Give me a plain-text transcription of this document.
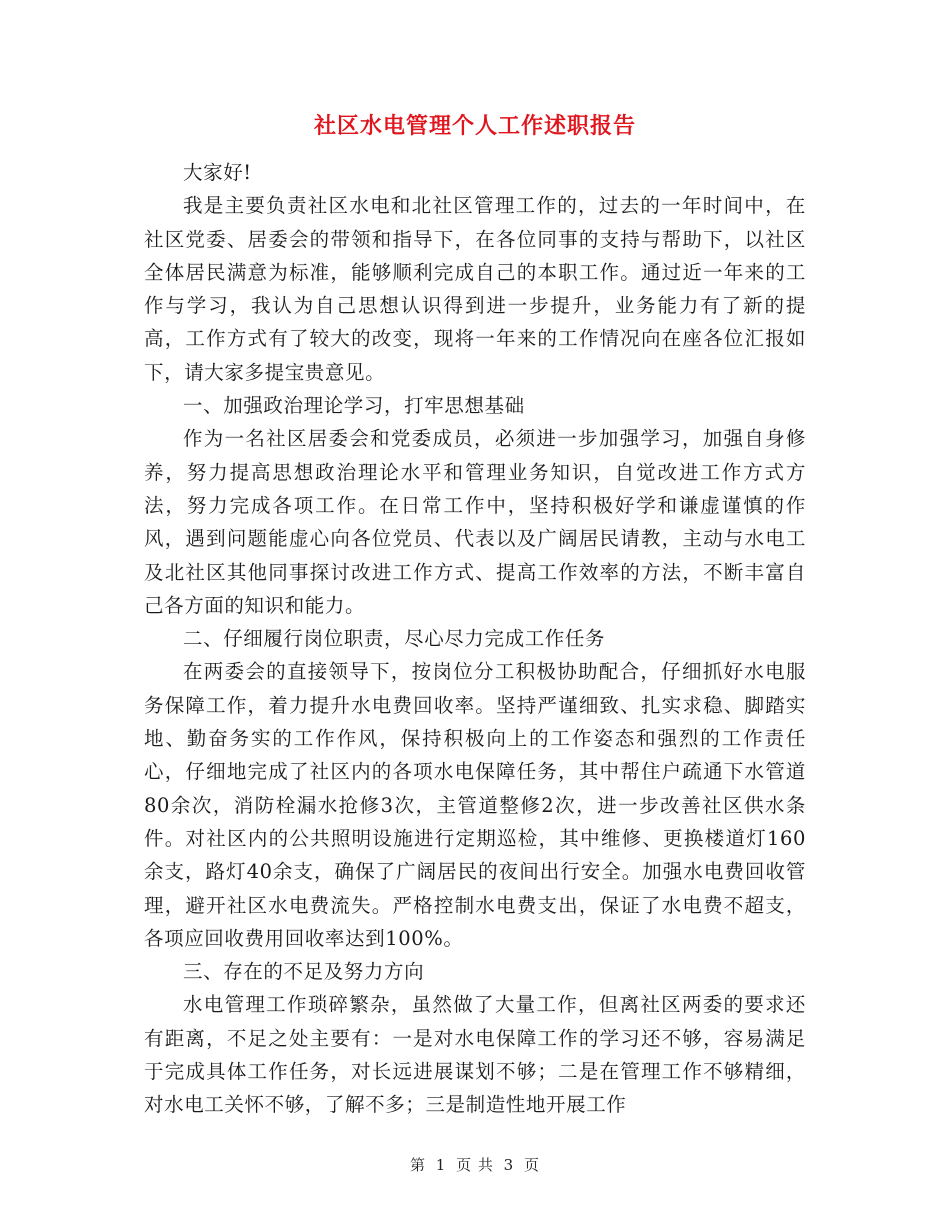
社区水电管理个人工作述职报告

大家好!

我是主要负责社区水电和北社区管理工作的，过去的一年时间中，在社区党委、居委会的带领和指导下，在各位同事的支持与帮助下，以社区全体居民满意为标准，能够顺利完成自己的本职工作。通过近一年来的工作与学习，我认为自己思想认识得到进一步提升，业务能力有了新的提高，工作方式有了较大的改变，现将一年来的工作情况向在座各位汇报如下，请大家多提宝贵意见。

一、加强政治理论学习，打牢思想基础

作为一名社区居委会和党委成员，必须进一步加强学习，加强自身修养，努力提高思想政治理论水平和管理业务知识，自觉改进工作方式方法，努力完成各项工作。在日常工作中，坚持积极好学和谦虚谨慎的作风，遇到问题能虚心向各位党员、代表以及广阔居民请教，主动与水电工及北社区其他同事探讨改进工作方式、提高工作效率的方法，不断丰富自己各方面的知识和能力。

二、仔细履行岗位职责，尽心尽力完成工作任务

在两委会的直接领导下，按岗位分工积极协助配合，仔细抓好水电服务保障工作，着力提升水电费回收率。坚持严谨细致、扎实求稳、脚踏实地、勤奋务实的工作作风，保持积极向上的工作姿态和强烈的工作责任心，仔细地完成了社区内的各项水电保障任务，其中帮住户疏通下水管道80余次，消防栓漏水抢修3次，主管道整修2次，进一步改善社区供水条件。对社区内的公共照明设施进行定期巡检，其中维修、更换楼道灯160余支，路灯40余支，确保了广阔居民的夜间出行安全。加强水电费回收管理，避开社区水电费流失。严格控制水电费支出，保证了水电费不超支，各项应回收费用回收率达到100%。

三、存在的不足及努力方向

水电管理工作琐碎繁杂，虽然做了大量工作，但离社区两委的要求还有距离，不足之处主要有：一是对水电保障工作的学习还不够，容易满足于完成具体工作任务，对长远进展谋划不够；二是在管理工作不够精细，对水电工关怀不够，了解不多；三是制造性地开展工作

第 1 页 共 3 页
